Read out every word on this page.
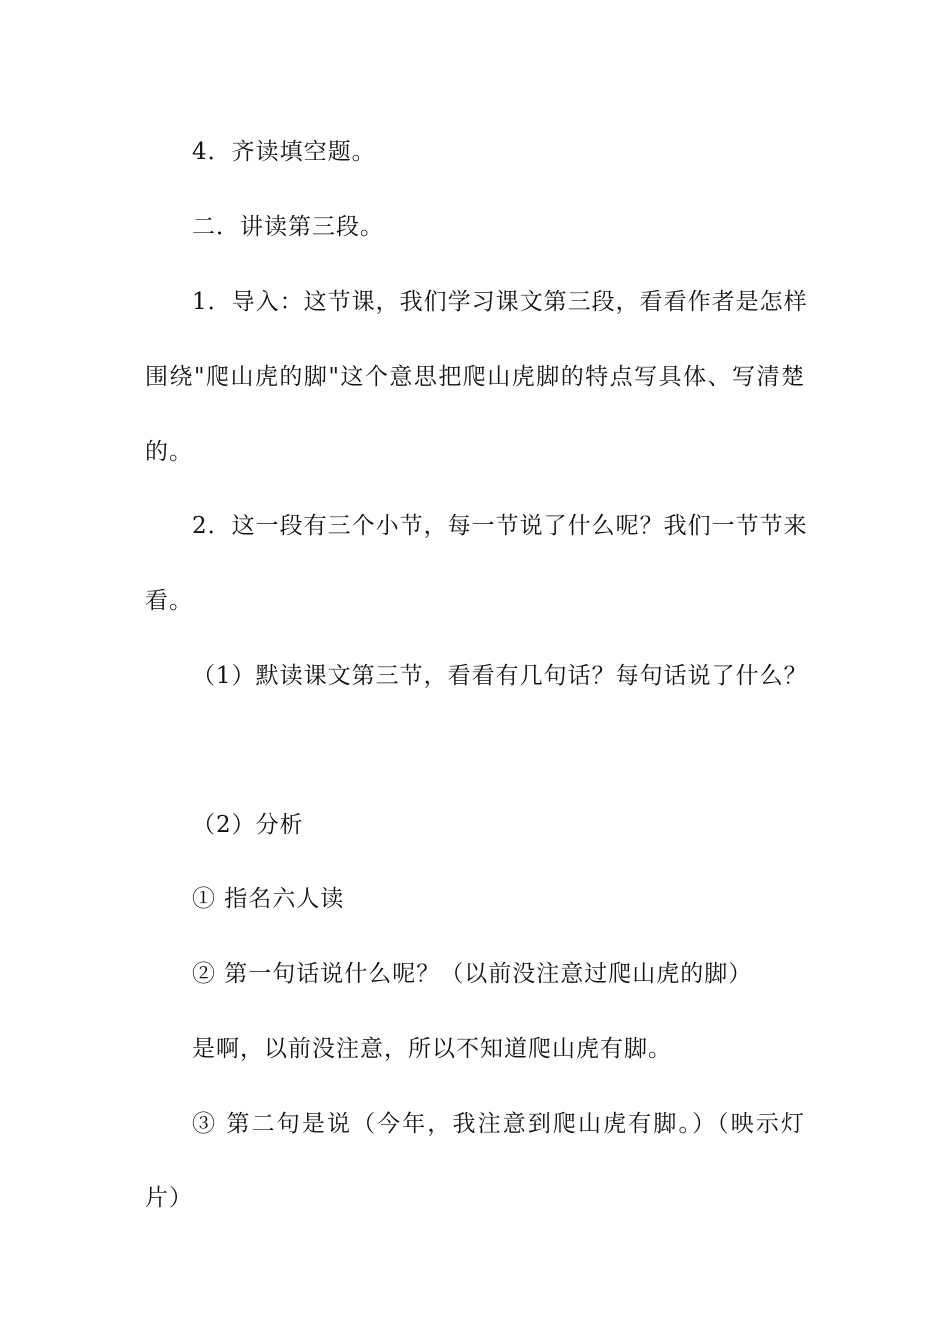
4．齐读填空题。
二．讲读第三段。
1．导入：这节课，我们学习课文第三段，看看作者是怎样
围绕"爬山虎的脚"这个意思把爬山虎脚的特点写具体、写清楚
的。
2．这一段有三个小节，每一节说了什么呢？我们一节节来
看。
（1）默读课文第三节，看看有几句话？每句话说了什么？
（2）分析
① 指名六人读
② 第一句话说什么呢？（以前没注意过爬山虎的脚）
是啊，以前没注意，所以不知道爬山虎有脚。
③ 第二句是说（今年，我注意到爬山虎有脚。）（映示灯
片）
